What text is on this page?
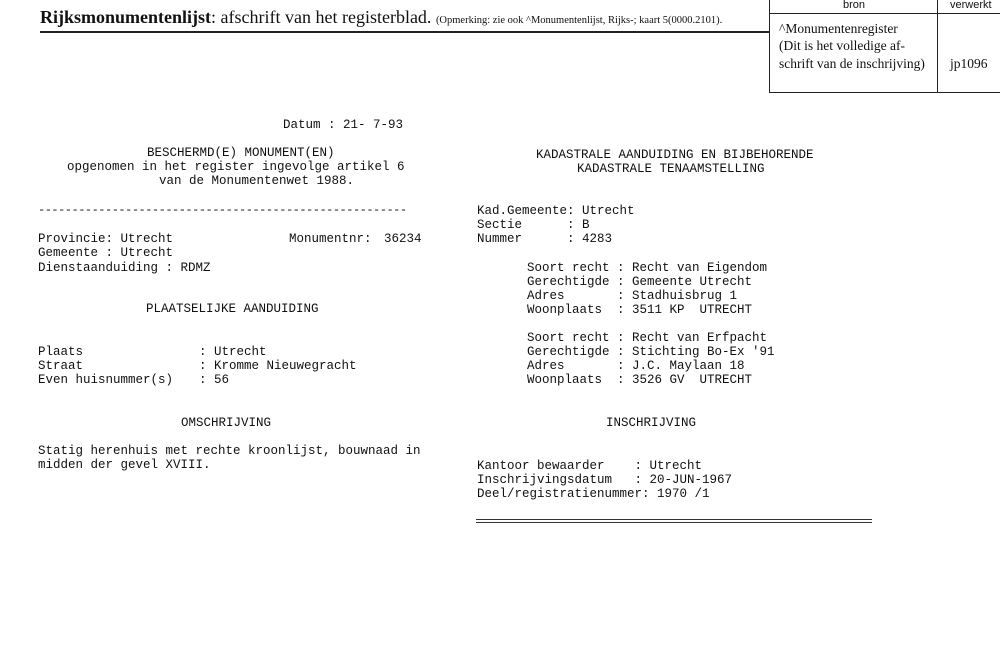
Rijksmonumentenlijst: afschrift van het registerblad. (Opmerking: zie ook ^Monumentenlijst, Rijks-; kaart 5(0000.2101).
bron	verwerkt
^Monumentenregister
(Dit is het volledige af-
schrift van de inschrijving) jp1096
Datum : 21- 7-93
BESCHERMD(E) MONUMENT(EN)
opgenomen in het register ingevolge artikel 6
van de Monumentenwet 1988.
-------------------------------------------------------
Provincie: Utrecht	Monumentnr: 36234
Gemeente : Utrecht
Dienstaanduiding : RDMZ
PLAATSELIJKE AANDUIDING
Plaats	: Utrecht
Straat	: Kromme Nieuwegracht
Even huisnummer(s) : 56
OMSCHRIJVING
Statig herenhuis met rechte kroonlijst, bouwnaad in
midden der gevel XVIII.
KADASTRALE AANDUIDING EN BIJBEHORENDE
KADASTRALE TENAAMSTELLING
Kad.Gemeente: Utrecht
Sectie      : B
Nummer      : 4283
Soort recht : Recht van Eigendom
Gerechtigde : Gemeente Utrecht
Adres       : Stadhuisbrug 1
Woonplaats  : 3511 KP  UTRECHT
Soort recht : Recht van Erfpacht
Gerechtigde : Stichting Bo-Ex '91
Adres       : J.C. Maylaan 18
Woonplaats  : 3526 GV  UTRECHT
INSCHRIJVING
Kantoor bewaarder    : Utrecht
Inschrijvingsdatum   : 20-JUN-1967
Deel/registratienummer: 1970 /1
